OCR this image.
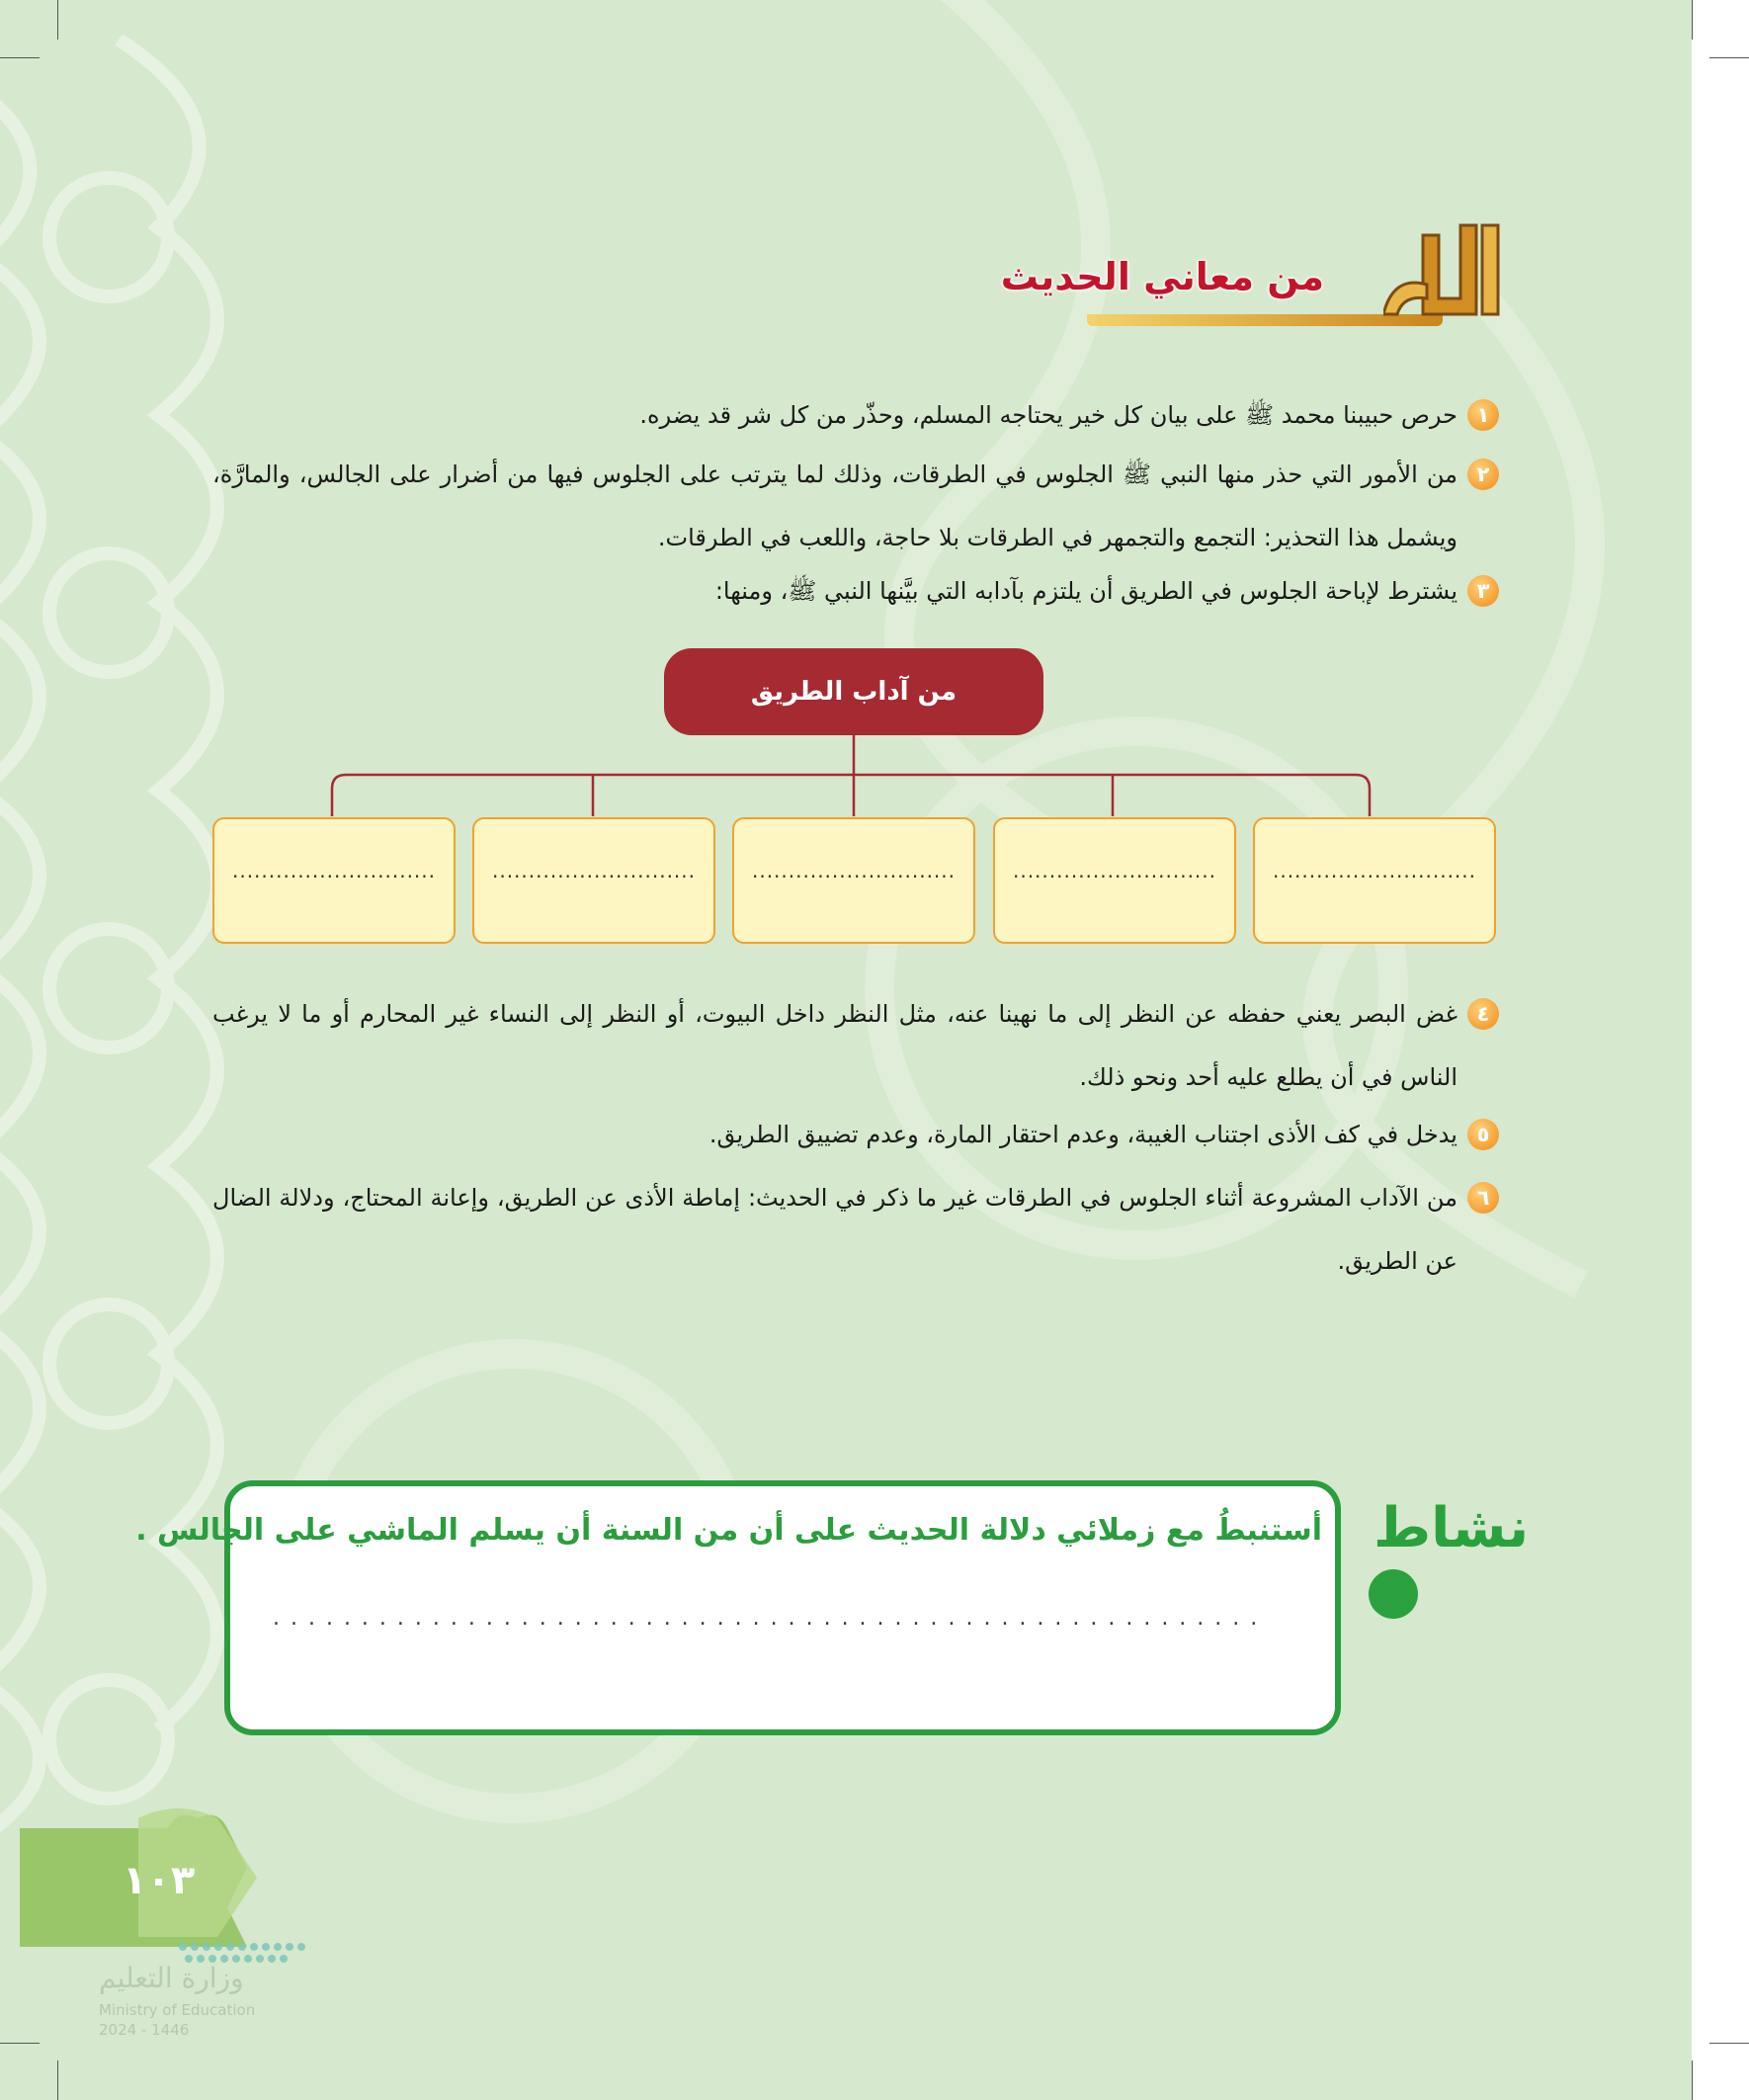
من معاني الحديث
١
حرص حبيبنا محمد ﷺ على بيان كل خير يحتاجه المسلم، وحذّر من كل شر قد يضره.
٢
من الأمور التي حذر منها النبي ﷺ الجلوس في الطرقات، وذلك لما يترتب على الجلوس فيها من أضرار على الجالس، والمارَّة، ويشمل هذا التحذير: التجمع والتجمهر في الطرقات بلا حاجة، واللعب في الطرقات.
٣
يشترط لإباحة الجلوس في الطريق أن يلتزم بآدابه التي بيَّنها النبي ﷺ، ومنها:
من آداب الطريق
............................	............................	............................	............................	............................
٤
غض البصر يعني حفظه عن النظر إلى ما نهينا عنه، مثل النظر داخل البيوت، أو النظر إلى النساء غير المحارم أو ما لا يرغب الناس في أن يطلع عليه أحد ونحو ذلك.
٥
يدخل في كف الأذى اجتناب الغيبة، وعدم احتقار المارة، وعدم تضييق الطريق.
٦
من الآداب المشروعة أثناء الجلوس في الطرقات غير ما ذكر في الحديث: إماطة الأذى عن الطريق، وإعانة المحتاج، ودلالة الضال عن الطريق.
أستنبطُ مع زملائي دلالة الحديث على أن من السنة أن يسلم الماشي على الجالس .
. . . . . . . . . . . . . . . . . . . . . . . . . . . . . . . . . . . . . . . . . . . . . . . . . . . . . . . .
نشاط
١٠٣
وزارة التعليم
Ministry of Education
2024 - 1446
